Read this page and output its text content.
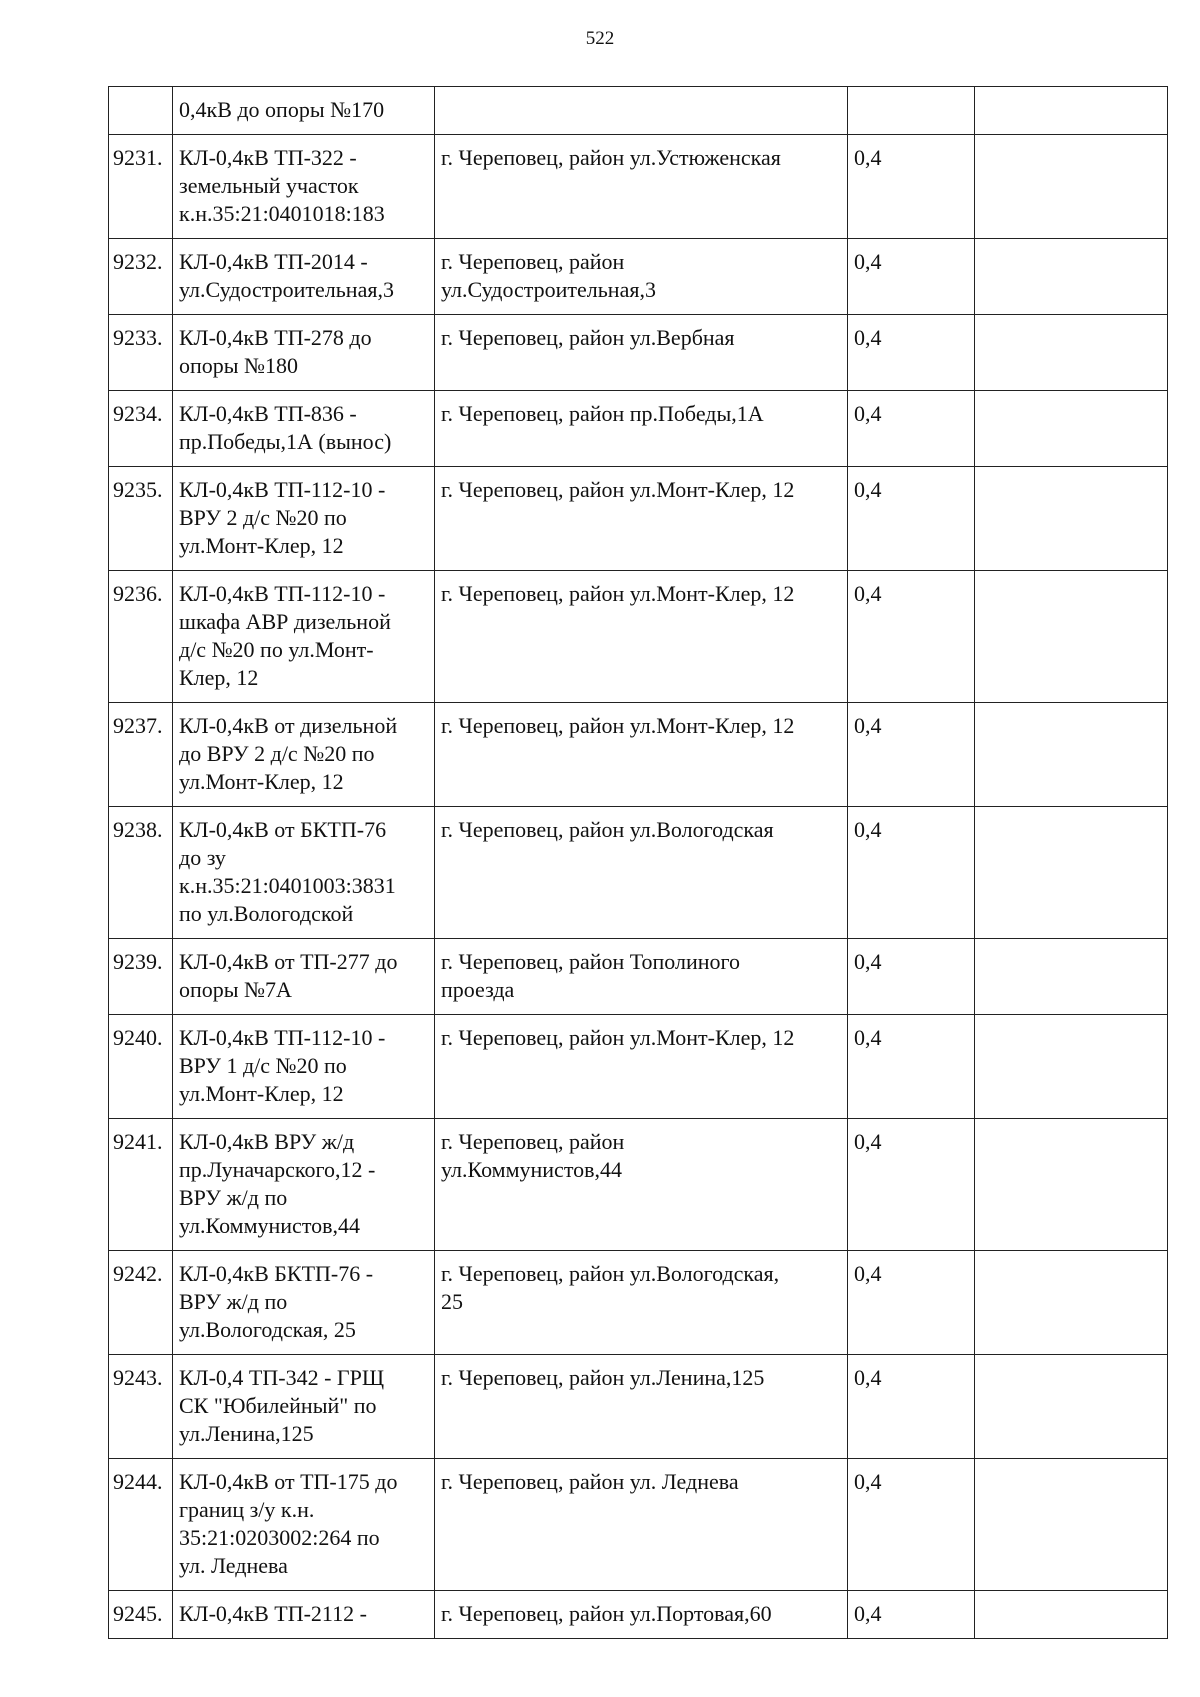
522
	0,4кВ до опоры №170			
9231.	КЛ-0,4кВ ТП-322 -
земельный участок
к.н.35:21:0401018:183	г. Череповец, район ул.Устюженская	0,4	
9232.	КЛ-0,4кВ ТП-2014 -
ул.Судостроительная,3	г. Череповец, район
ул.Судостроительная,3	0,4	
9233.	КЛ-0,4кВ ТП-278 до
опоры №180	г. Череповец, район ул.Вербная	0,4	
9234.	КЛ-0,4кВ ТП-836 -
пр.Победы,1А (вынос)	г. Череповец, район пр.Победы,1А	0,4	
9235.	КЛ-0,4кВ ТП-112-10 -
ВРУ 2 д/с №20 по
ул.Монт-Клер, 12	г. Череповец, район ул.Монт-Клер, 12	0,4	
9236.	КЛ-0,4кВ ТП-112-10 -
шкафа АВР дизельной
д/с №20 по ул.Монт-
Клер, 12	г. Череповец, район ул.Монт-Клер, 12	0,4	
9237.	КЛ-0,4кВ от дизельной
до ВРУ 2 д/с №20 по
ул.Монт-Клер, 12	г. Череповец, район ул.Монт-Клер, 12	0,4	
9238.	КЛ-0,4кВ от БКТП-76
до зу
к.н.35:21:0401003:3831
по ул.Вологодской	г. Череповец, район ул.Вологодская	0,4	
9239.	КЛ-0,4кВ от ТП-277 до
опоры №7А	г. Череповец, район Тополиного
проезда	0,4	
9240.	КЛ-0,4кВ ТП-112-10 -
ВРУ 1 д/с №20 по
ул.Монт-Клер, 12	г. Череповец, район ул.Монт-Клер, 12	0,4	
9241.	КЛ-0,4кВ ВРУ ж/д
пр.Луначарского,12 -
ВРУ ж/д по
ул.Коммунистов,44	г. Череповец, район
ул.Коммунистов,44	0,4	
9242.	КЛ-0,4кВ БКТП-76 -
ВРУ ж/д по
ул.Вологодская, 25	г. Череповец, район ул.Вологодская,
25	0,4	
9243.	КЛ-0,4 ТП-342 - ГРЩ
СК "Юбилейный" по
ул.Ленина,125	г. Череповец, район ул.Ленина,125	0,4	
9244.	КЛ-0,4кВ от ТП-175 до
границ з/у к.н.
35:21:0203002:264 по
ул. Леднева	г. Череповец, район ул. Леднева	0,4	
9245.	КЛ-0,4кВ ТП-2112 -	г. Череповец, район ул.Портовая,60	0,4	
